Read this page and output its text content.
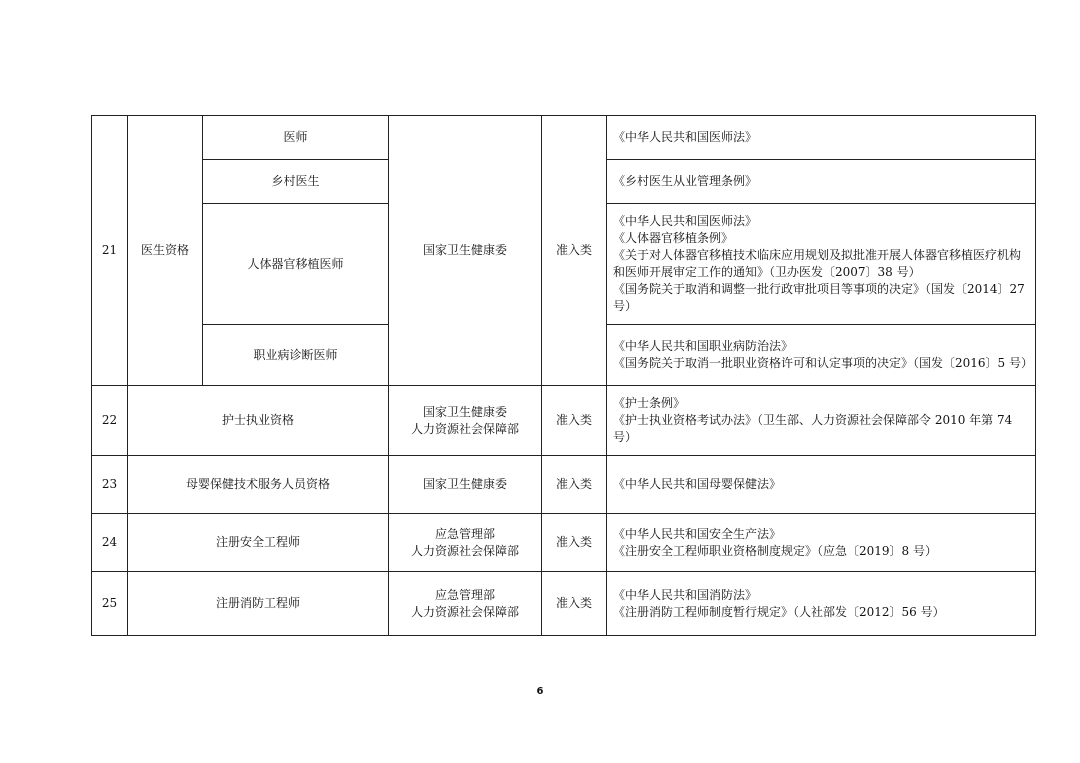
21	医生资格	医师	国家卫生健康委	准入类	《中华人民共和国医师法》

		乡村医生			《乡村医生从业管理条例》

		人体器官移植医师			《中华人民共和国医师法》
《人体器官移植条例》
《关于对人体器官移植技术临床应用规划及拟批准开展人体器官移植医疗机构和医师开展审定工作的通知》（卫办医发〔2007〕38 号）
《国务院关于取消和调整一批行政审批项目等事项的决定》（国发〔2014〕27 号）

		职业病诊断医师			《中华人民共和国职业病防治法》
《国务院关于取消一批职业资格许可和认定事项的决定》（国发〔2016〕5 号）

22	护士执业资格		国家卫生健康委
人力资源社会保障部	准入类	《护士条例》
《护士执业资格考试办法》（卫生部、人力资源社会保障部令 2010 年第 74 号）

23	母婴保健技术服务人员资格		国家卫生健康委	准入类	《中华人民共和国母婴保健法》

24	注册安全工程师		应急管理部
人力资源社会保障部	准入类	《中华人民共和国安全生产法》
《注册安全工程师职业资格制度规定》（应急〔2019〕8 号）

25	注册消防工程师		应急管理部
人力资源社会保障部	准入类	《中华人民共和国消防法》
《注册消防工程师制度暂行规定》（人社部发〔2012〕56 号）
6
